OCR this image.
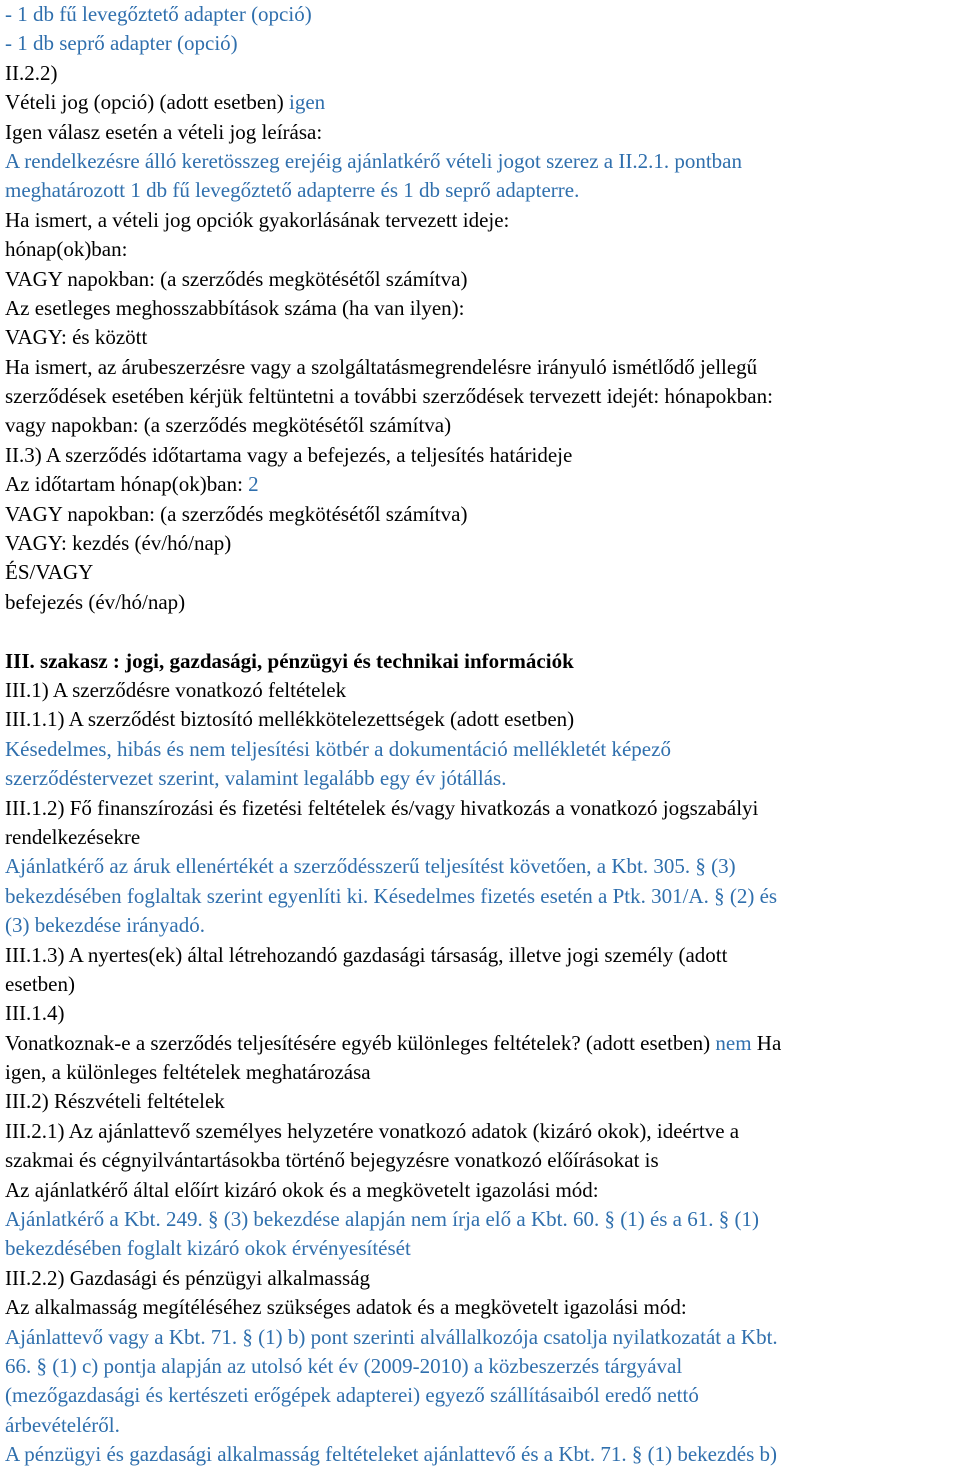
- 1 db fű levegőztető adapter (opció)
- 1 db seprő adapter (opció)
II.2.2)
Vételi jog (opció) (adott esetben) igen
Igen válasz esetén a vételi jog leírása:
A rendelkezésre álló keretösszeg erejéig ajánlatkérő vételi jogot szerez a II.2.1. pontban
meghatározott 1 db fű levegőztető adapterre és 1 db seprő adapterre.
Ha ismert, a vételi jog opciók gyakorlásának tervezett ideje:
hónap(ok)ban:
VAGY napokban: (a szerződés megkötésétől számítva)
Az esetleges meghosszabbítások száma (ha van ilyen):
VAGY: és között
Ha ismert, az árubeszerzésre vagy a szolgáltatásmegrendelésre irányuló ismétlődő jellegű
szerződések esetében kérjük feltüntetni a további szerződések tervezett idejét: hónapokban:
vagy napokban: (a szerződés megkötésétől számítva)
II.3) A szerződés időtartama vagy a befejezés, a teljesítés határideje
Az időtartam hónap(ok)ban: 2
VAGY napokban: (a szerződés megkötésétől számítva)
VAGY: kezdés (év/hó/nap)
ÉS/VAGY
befejezés (év/hó/nap)
III. szakasz : jogi, gazdasági, pénzügyi és technikai információk
III.1) A szerződésre vonatkozó feltételek
III.1.1) A szerződést biztosító mellékkötelezettségek (adott esetben)
Késedelmes, hibás és nem teljesítési kötbér a dokumentáció mellékletét képező
szerződéstervezet szerint, valamint legalább egy év jótállás.
III.1.2) Fő finanszírozási és fizetési feltételek és/vagy hivatkozás a vonatkozó jogszabályi
rendelkezésekre
Ajánlatkérő az áruk ellenértékét a szerződésszerű teljesítést követően, a Kbt. 305. § (3)
bekezdésében foglaltak szerint egyenlíti ki. Késedelmes fizetés esetén a Ptk. 301/A. § (2) és
(3) bekezdése irányadó.
III.1.3) A nyertes(ek) által létrehozandó gazdasági társaság, illetve jogi személy (adott
esetben)
III.1.4)
Vonatkoznak-e a szerződés teljesítésére egyéb különleges feltételek? (adott esetben) nem Ha
igen, a különleges feltételek meghatározása
III.2) Részvételi feltételek
III.2.1) Az ajánlattevő személyes helyzetére vonatkozó adatok (kizáró okok), ideértve a
szakmai és cégnyilvántartásokba történő bejegyzésre vonatkozó előírásokat is
Az ajánlatkérő által előírt kizáró okok és a megkövetelt igazolási mód:
Ajánlatkérő a Kbt. 249. § (3) bekezdése alapján nem írja elő a Kbt. 60. § (1) és a 61. § (1)
bekezdésében foglalt kizáró okok érvényesítését
III.2.2) Gazdasági és pénzügyi alkalmasság
Az alkalmasság megítéléséhez szükséges adatok és a megkövetelt igazolási mód:
Ajánlattevő vagy a Kbt. 71. § (1) b) pont szerinti alvállalkozója csatolja nyilatkozatát a Kbt.
66. § (1) c) pontja alapján az utolsó két év (2009-2010) a közbeszerzés tárgyával
(mezőgazdasági és kertészeti erőgépek adapterei) egyező szállításaiból eredő nettó
árbevételéről.
A pénzügyi és gazdasági alkalmasság feltételeket ajánlattevő és a Kbt. 71. § (1) bekezdés b)
